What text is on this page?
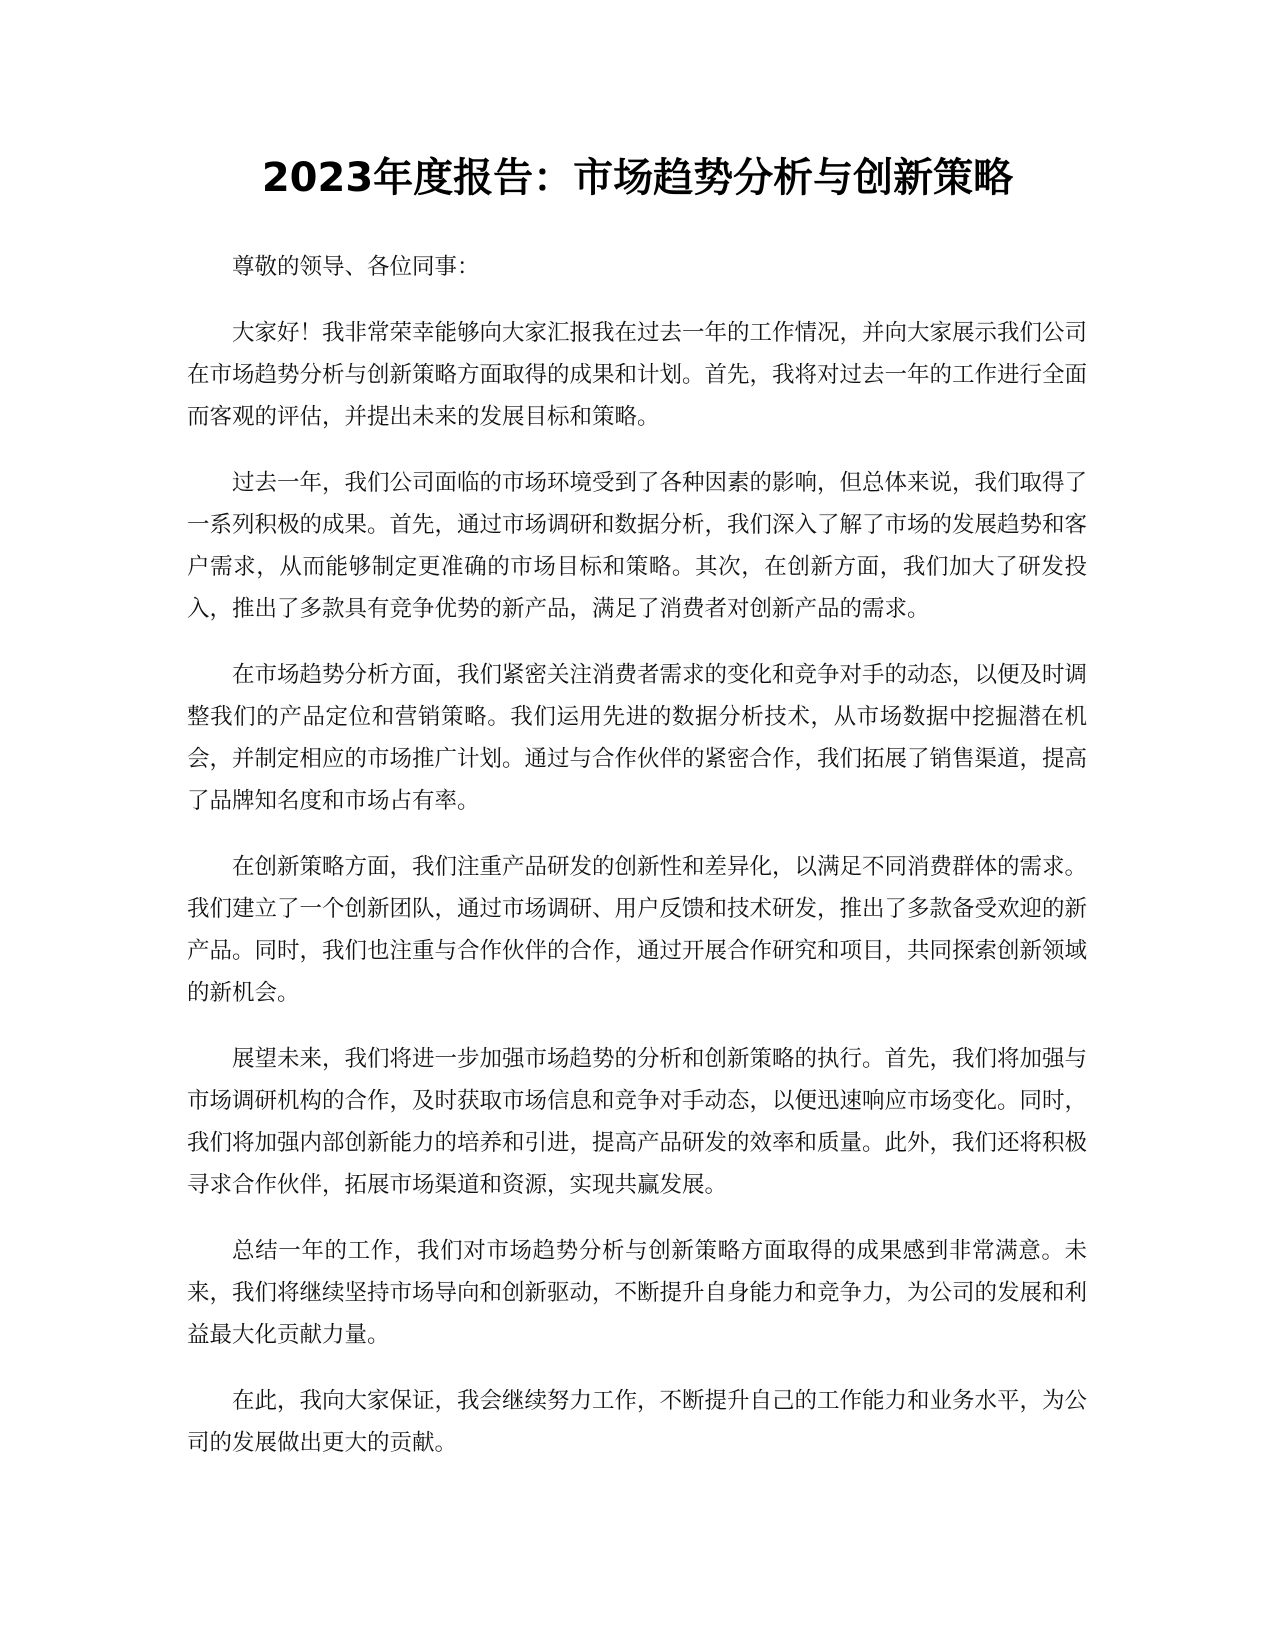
2023年度报告：市场趋势分析与创新策略

尊敬的领导、各位同事：

大家好！我非常荣幸能够向大家汇报我在过去一年的工作情况，并向大家展示我们公司在市场趋势分析与创新策略方面取得的成果和计划。首先，我将对过去一年的工作进行全面而客观的评估，并提出未来的发展目标和策略。

过去一年，我们公司面临的市场环境受到了各种因素的影响，但总体来说，我们取得了一系列积极的成果。首先，通过市场调研和数据分析，我们深入了解了市场的发展趋势和客户需求，从而能够制定更准确的市场目标和策略。其次，在创新方面，我们加大了研发投入，推出了多款具有竞争优势的新产品，满足了消费者对创新产品的需求。

在市场趋势分析方面，我们紧密关注消费者需求的变化和竞争对手的动态，以便及时调整我们的产品定位和营销策略。我们运用先进的数据分析技术，从市场数据中挖掘潜在机会，并制定相应的市场推广计划。通过与合作伙伴的紧密合作，我们拓展了销售渠道，提高了品牌知名度和市场占有率。

在创新策略方面，我们注重产品研发的创新性和差异化，以满足不同消费群体的需求。我们建立了一个创新团队，通过市场调研、用户反馈和技术研发，推出了多款备受欢迎的新产品。同时，我们也注重与合作伙伴的合作，通过开展合作研究和项目，共同探索创新领域的新机会。

展望未来，我们将进一步加强市场趋势的分析和创新策略的执行。首先，我们将加强与市场调研机构的合作，及时获取市场信息和竞争对手动态，以便迅速响应市场变化。同时，我们将加强内部创新能力的培养和引进，提高产品研发的效率和质量。此外，我们还将积极寻求合作伙伴，拓展市场渠道和资源，实现共赢发展。

总结一年的工作，我们对市场趋势分析与创新策略方面取得的成果感到非常满意。未来，我们将继续坚持市场导向和创新驱动，不断提升自身能力和竞争力，为公司的发展和利益最大化贡献力量。

在此，我向大家保证，我会继续努力工作，不断提升自己的工作能力和业务水平，为公司的发展做出更大的贡献。
